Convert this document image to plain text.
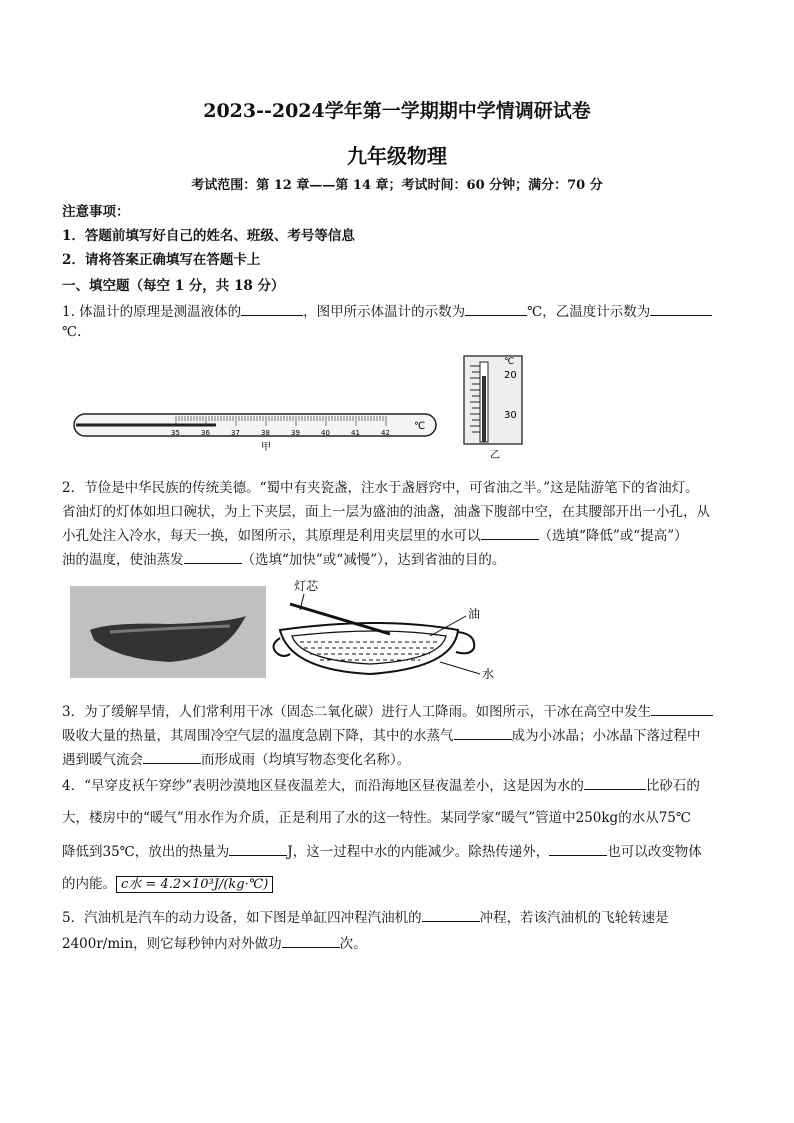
2023--2024学年第一学期期中学情调研试卷
九年级物理
考试范围：第 12 章——第 14 章；考试时间：60 分钟；满分：70 分
注意事项：
1．答题前填写好自己的姓名、班级、考号等信息
2．请将答案正确填写在答题卡上
一、填空题（每空 1 分，共 18 分）
1. 体温计的原理是测温液体的	，图甲所示体温计的示数为	℃，乙温度计示数为
℃.
35	36	37	38	39	40	41	42
℃
甲
℃
20
30
乙
2．节俭是中华民族的传统美德。“蜀中有夹瓷盏，注水于盏唇窍中，可省油之半。”这是陆游笔下的省油灯。
省油灯的灯体如坦口碗状，为上下夹层，面上一层为盛油的油盏，油盏下腹部中空，在其腰部开出一小孔，从
小孔处注入冷水，每天一换，如图所示，其原理是利用夹层里的水可以	（选填“降低”或“提高”）
油的温度，使油蒸发	（选填“加快”或“减慢”），达到省油的目的。
灯芯
油
水
3．为了缓解旱情，人们常利用干冰（固态二氧化碳）进行人工降雨。如图所示，干冰在高空中发生
吸收大量的热量，其周围冷空气层的温度急剧下降，其中的水蒸气	成为小冰晶；小冰晶下落过程中
遇到暖气流会	而形成雨（均填写物态变化名称）。
4．“早穿皮袄午穿纱”表明沙漠地区昼夜温差大，而沿海地区昼夜温差小，这是因为水的	比砂石的
大，楼房中的“暖气”用水作为介质，正是利用了水的这一特性。某同学家“暖气”管道中250kg的水从75℃
降低到35℃，放出的热量为	J，这一过程中水的内能减少。除热传递外，	也可以改变物体
的内能。 c水 = 4.2×10³J/(kg·℃)
5．汽油机是汽车的动力设备，如下图是单缸四冲程汽油机的	冲程，若该汽油机的飞轮转速是
2400r/min，则它每秒钟内对外做功	次。
